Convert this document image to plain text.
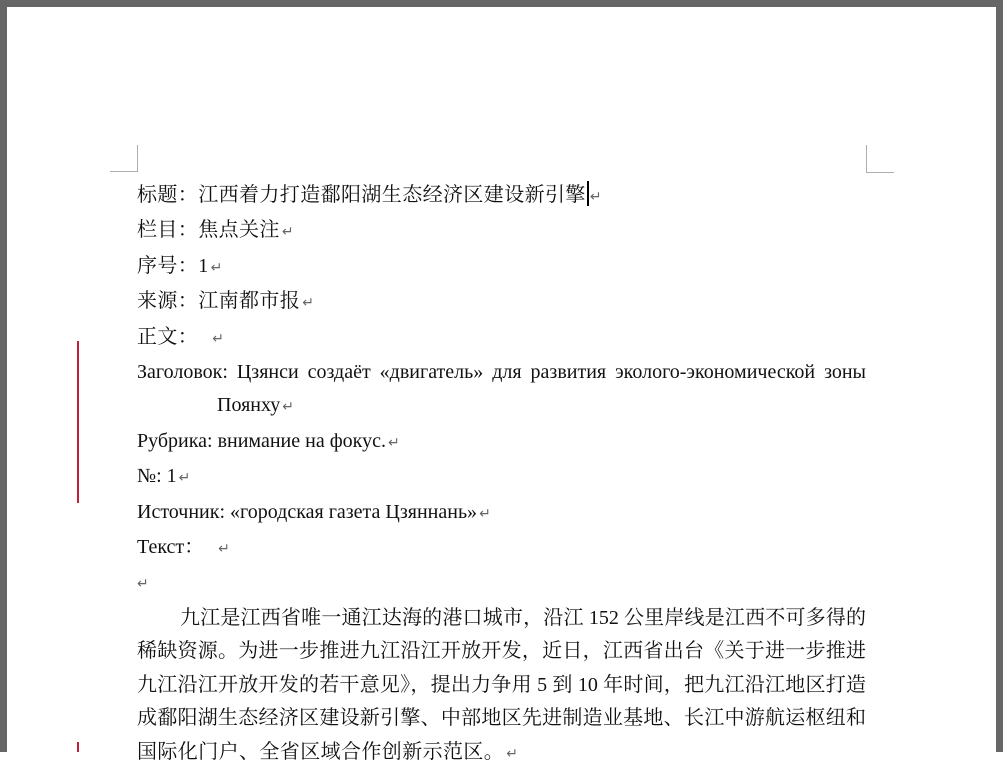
标题：江西着力打造鄱阳湖生态经济区建设新引擎 ↵
栏目：焦点关注 ↵
序号：1 ↵
来源：江南都市报 ↵
正文： ↵
Заголовок: Цзянси создаёт «двигатель» для развития эколого-экономической зоны
Поянху ↵
Рубрика: внимание на фокус. ↵
№: 1 ↵
Источник: «городская газета Цзяннань» ↵
Текст： ↵
↵
九江是江西省唯一通江达海的港口城市，沿江 152 公里岸线是江西不可多得的
稀缺资源。为进一步推进九江沿江开放开发，近日，江西省出台《关于进一步推进
九江沿江开放开发的若干意见》，提出力争用 5 到 10 年时间，把九江沿江地区打造
成鄱阳湖生态经济区建设新引擎、中部地区先进制造业基地、长江中游航运枢纽和
国际化门户、全省区域合作创新示范区。 ↵
